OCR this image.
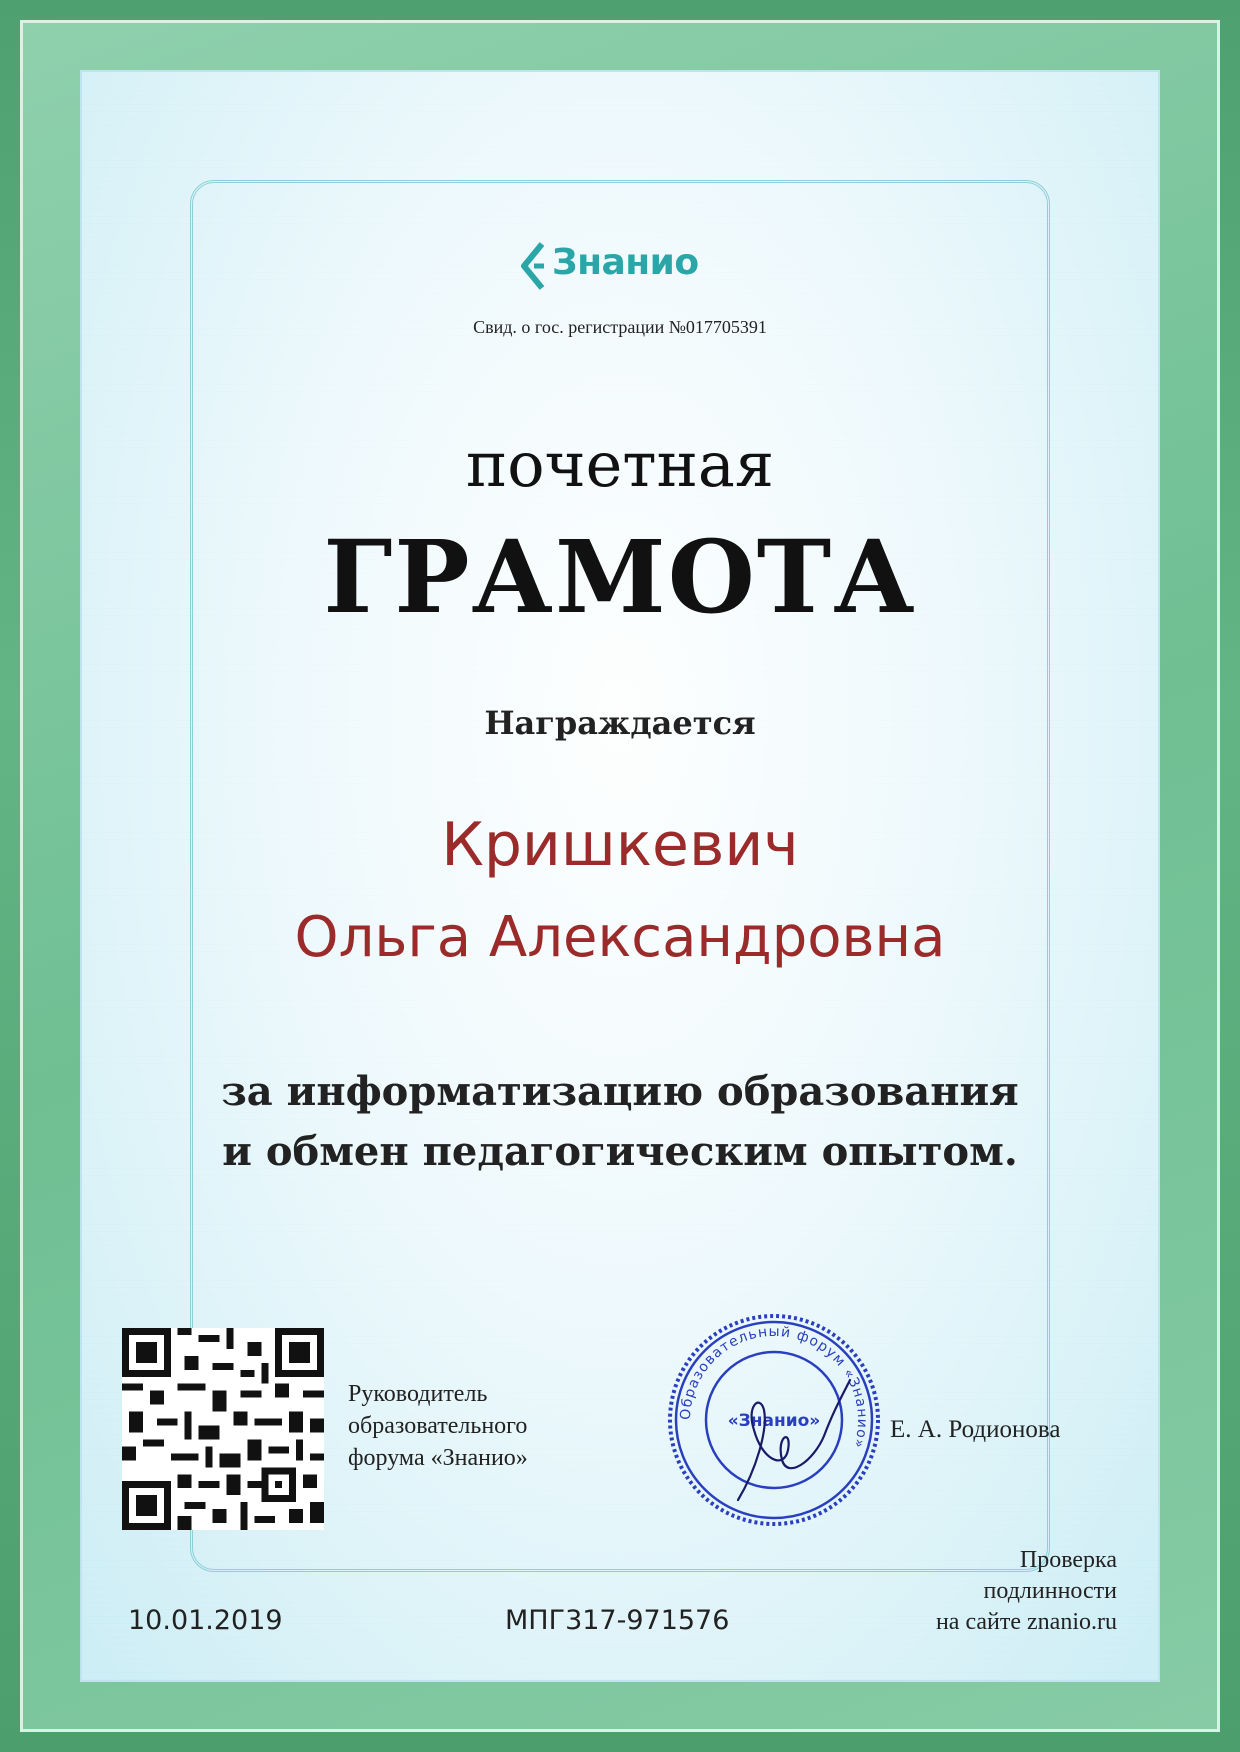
Знанио

Свид. о гос. регистрации №017705391

почетная

ГРАМОТА

Награждается

Кришкевич

Ольга Александровна

за информатизацию образования

и обмен педагогическим опытом.

Руководитель
образовательного
форума «Знанио»
Образовательный форум «Знанио»
«Знанио»	Е. А. Родионова
Проверка
подлинности
на сайте znanio.ru
10.01.2019	МПГ317-971576
